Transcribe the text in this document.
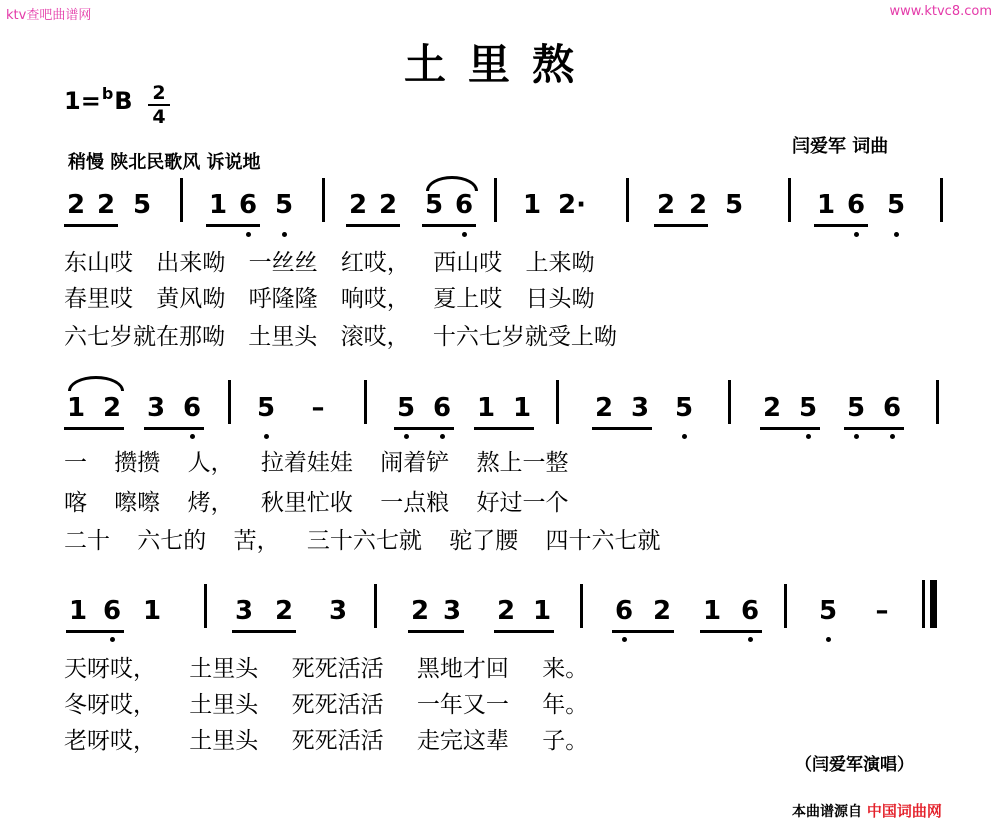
ktv查吧曲谱网	www.ktvc8.com
土里熬
1=$^b$B 2
4
稍慢 陕北民歌风 诉说地
闫爱军 词曲
2 2 5 1 6 5 2 2 5 6 1 2·	2 2 5	1 6 5
东山哎 出来呦 一丝丝 红哎， 西山哎 上来呦
春里哎 黄风呦 呼隆隆 响哎， 夏上哎 日头呦
六七岁就在那呦 土里头 滚哎， 十六七岁就受上呦
1 2 3 6 5 –	5 6 1 1 2 3 5	2 5 5 6
一 攒攒 人， 拉着娃娃 闹着铲 熬上一整
喀 嚓嚓 烤， 秋里忙收 一点粮 好过一个
二十 六七的 苦， 三十六七就 驼了腰 四十六七就
1 6 1	3 2 3 2 3 2 1 6 2 1 6 5 –
天呀哎， 土里头 死死活活 黑地才回 来。
冬呀哎， 土里头 死死活活 一年又一 年。
老呀哎， 土里头 死死活活 走完这辈 子。
（闫爱军演唱）
本曲谱源自 中国词曲网
